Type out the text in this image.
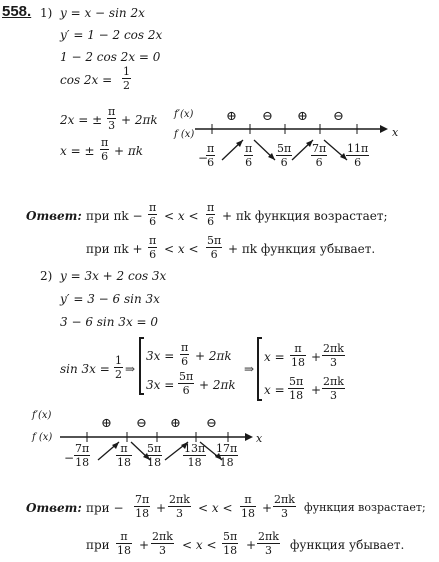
558. 1) y = x − sin 2x
y′ = 1 − 2 cos 2x
1 − 2 cos 2x = 0
cos 2x =
1
2
2x = ±
π
3 + 2πk
x = ±
π
6 + πk
f′(x)
f (x)	x
⊕ ⊖ ⊕ ⊖
−
π
6
π
6
5π
6
7π
6
11π
6
Ответ: при πk −
π
6 < x <
π
6 + πk функция возрастает;
при πk +
π
6 < x <
5π
6 + πk функция убывает.
2) y = 3x + 2 cos 3x
y′ = 3 − 6 sin 3x
3 − 6 sin 3x = 0
sin 3x =
1
2 ⇒
3x =
π
6 + 2πk
3x =
5π
6 + 2πk
⇒
x =
π
18 +
2πk
3
x =
5π
18 +
2πk
3
f′(x)
f (x)	x
⊕ ⊖ ⊕ ⊖
−
7π
18
π
18
5π
18
13π
18
17π
18
Ответ: при −
7π
18 +
2πk
3	< x <
π
18 +
2πk
3	функция возрастает;
при
π
18 +
2πk
3	< x <
5π
18 +
2πk
3	функция убывает.
